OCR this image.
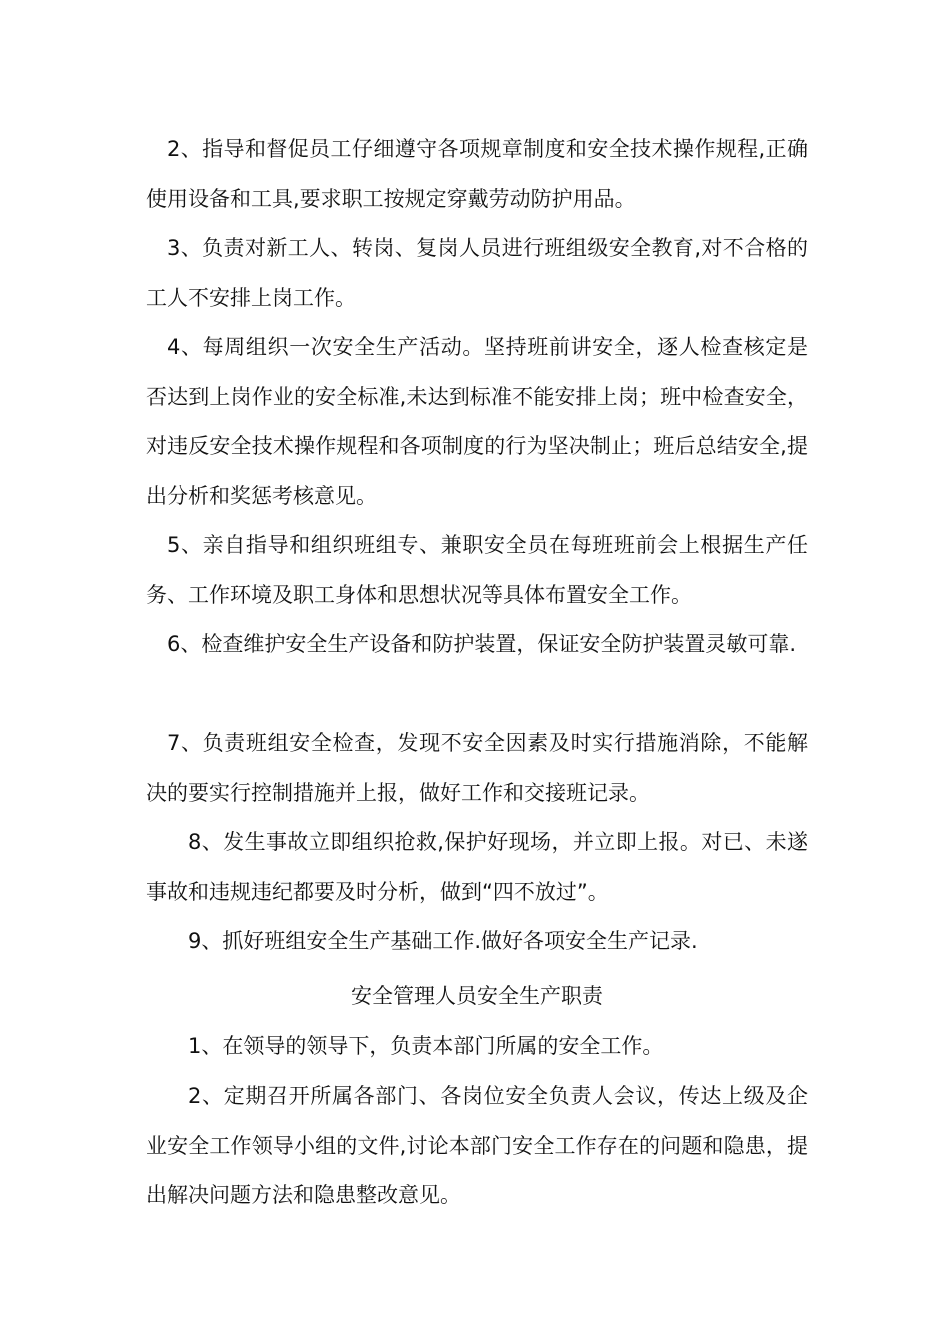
2、指导和督促员工仔细遵守各项规章制度和安全技术操作规程,正确使用设备和工具,要求职工按规定穿戴劳动防护用品。

3、负责对新工人、转岗、复岗人员进行班组级安全教育,对不合格的工人不安排上岗工作。

4、每周组织一次安全生产活动。坚持班前讲安全，逐人检查核定是否达到上岗作业的安全标准,未达到标准不能安排上岗；班中检查安全，对违反安全技术操作规程和各项制度的行为坚决制止；班后总结安全,提出分析和奖惩考核意见。

5、亲自指导和组织班组专、兼职安全员在每班班前会上根据生产任务、工作环境及职工身体和思想状况等具体布置安全工作。

6、检查维护安全生产设备和防护装置，保证安全防护装置灵敏可靠.

7、负责班组安全检查，发现不安全因素及时实行措施消除，不能解决的要实行控制措施并上报，做好工作和交接班记录。

8、发生事故立即组织抢救,保护好现场，并立即上报。对已、未遂事故和违规违纪都要及时分析，做到“四不放过”。

9、抓好班组安全生产基础工作.做好各项安全生产记录.

安全管理人员安全生产职责

1、在领导的领导下，负责本部门所属的安全工作。

2、定期召开所属各部门、各岗位安全负责人会议，传达上级及企业安全工作领导小组的文件,讨论本部门安全工作存在的问题和隐患，提出解决问题方法和隐患整改意见。
